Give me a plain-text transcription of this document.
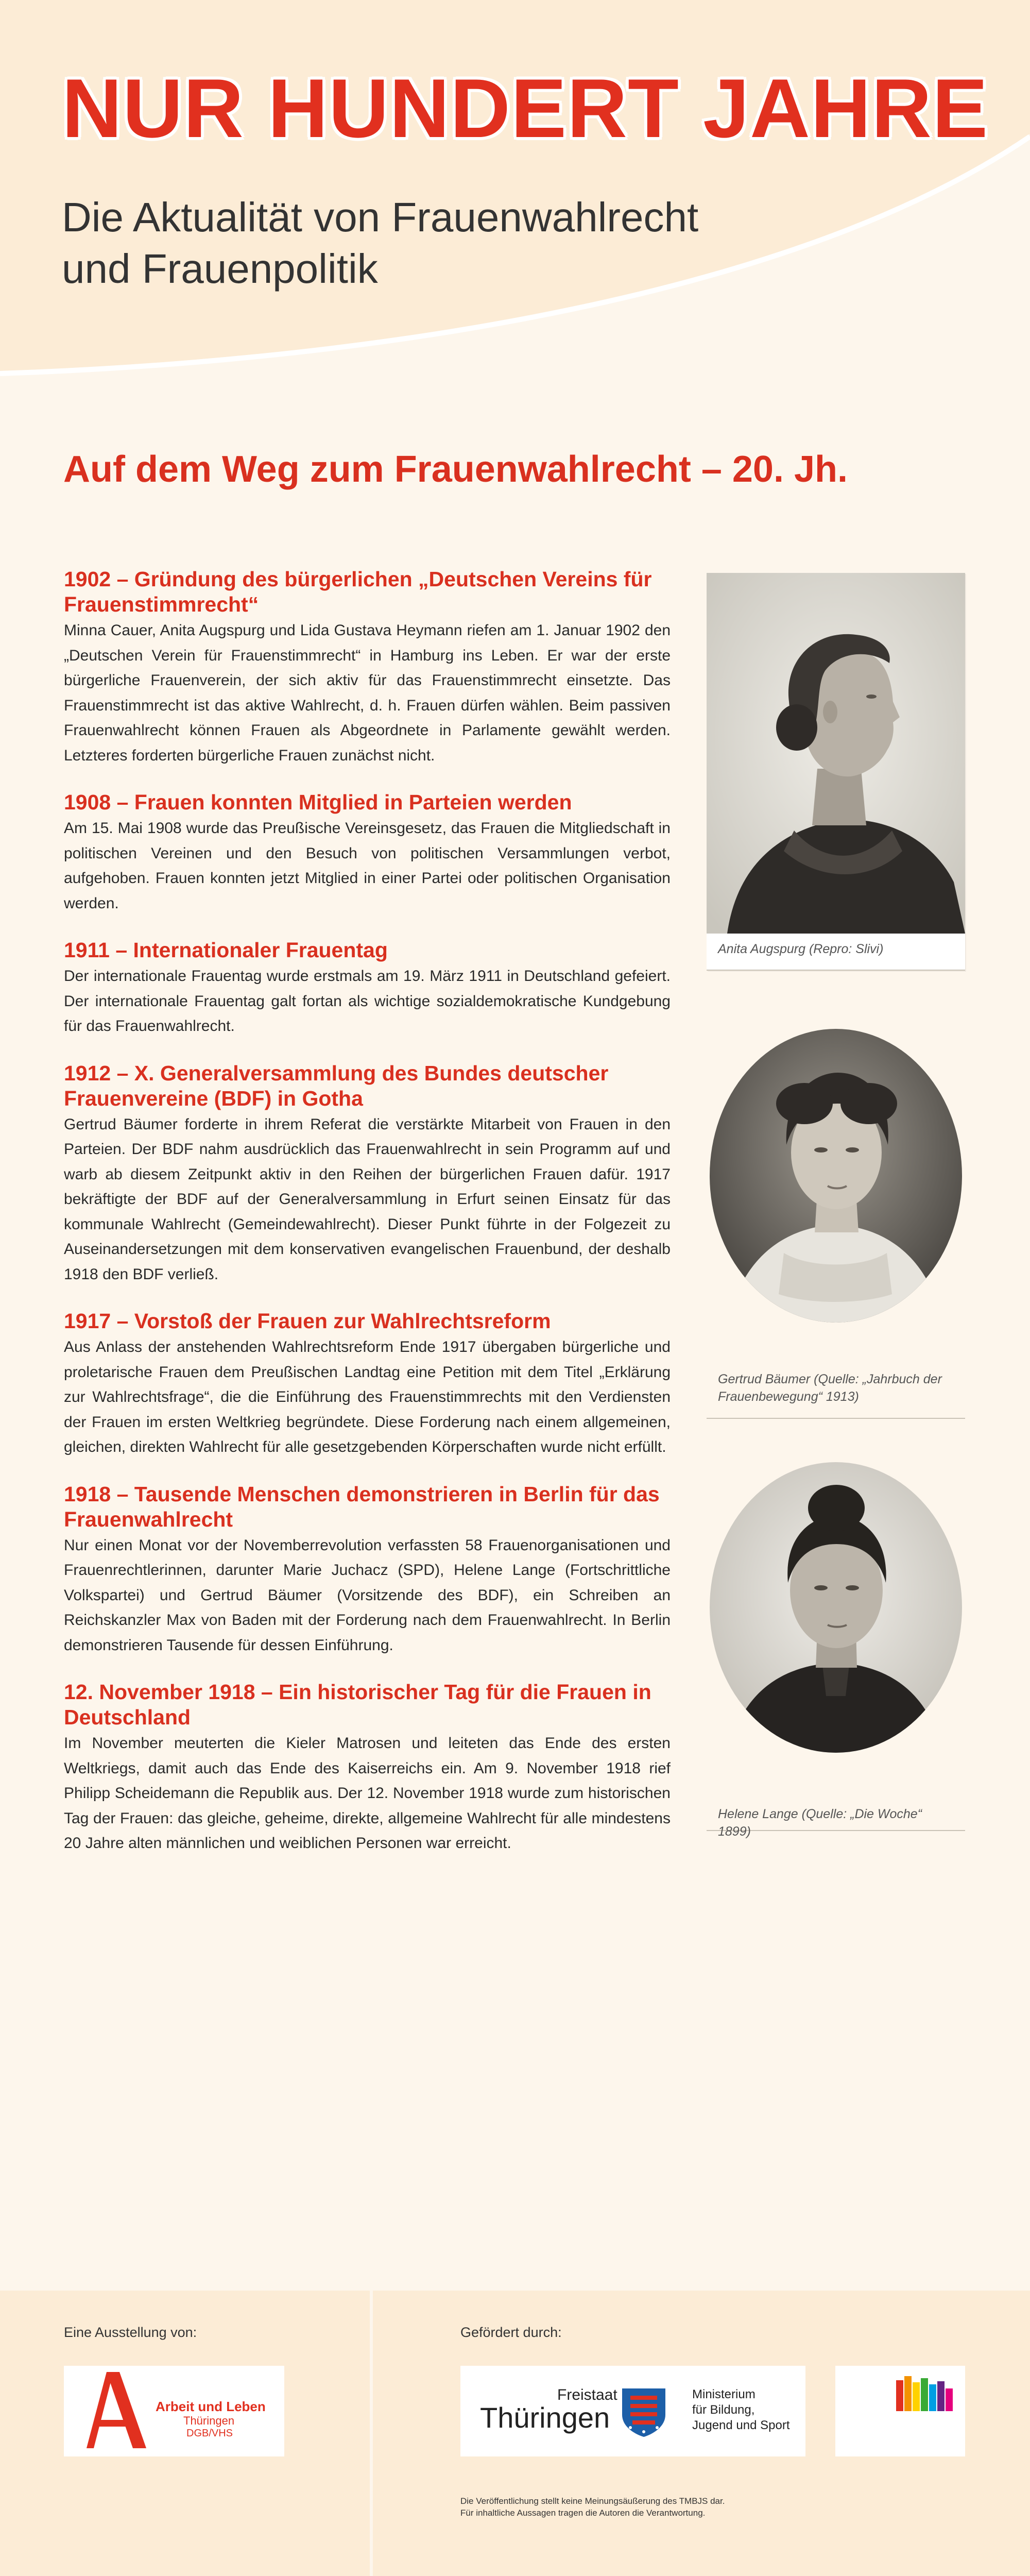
NUR HUNDERT JAHRE
Die Aktualität von Frauenwahlrecht
und Frauenpolitik
Auf dem Weg zum Frauenwahlrecht – 20. Jh.
1902 – Gründung des bürgerlichen „Deutschen Vereins für Frauenstimmrecht“

Minna Cauer, Anita Augspurg und Lida Gustava Heymann riefen am 1. Januar 1902 den „Deutschen Verein für Frauenstimmrecht“ in Hamburg ins Leben. Er war der erste bürgerliche Frauenverein, der sich aktiv für das Frauenstimmrecht einsetzte. Das Frauenstimmrecht ist das aktive Wahlrecht, d. h. Frauen dürfen wählen. Beim passiven Frauenwahlrecht können Frauen als Abgeordnete in Parlamente gewählt werden. Letzteres forderten bürgerliche Frauen zunächst nicht.

1908 – Frauen konnten Mitglied in Parteien werden

Am 15. Mai 1908 wurde das Preußische Vereinsgesetz, das Frauen die Mitgliedschaft in politischen Vereinen und den Besuch von politischen Versammlungen verbot, aufgehoben. Frauen konnten jetzt Mitglied in einer Partei oder politischen Organisation werden.

1911 – Internationaler Frauentag

Der internationale Frauentag wurde erstmals am 19. März 1911 in Deutschland gefeiert. Der internationale Frauentag galt fortan als wichtige sozialdemokratische Kundgebung für das Frauenwahlrecht.

1912 – X. Generalversammlung des Bundes deutscher Frauenvereine (BDF) in Gotha

Gertrud Bäumer forderte in ihrem Referat die verstärkte Mitarbeit von Frauen in den Parteien. Der BDF nahm ausdrücklich das Frauenwahlrecht in sein Programm auf und warb ab diesem Zeitpunkt aktiv in den Reihen der bürgerlichen Frauen dafür. 1917 bekräftigte der BDF auf der Generalversammlung in Erfurt seinen Einsatz für das kommunale Wahlrecht (Gemeindewahlrecht). Dieser Punkt führte in der Folgezeit zu Auseinandersetzungen mit dem konservativen evangelischen Frauenbund, der deshalb 1918 den BDF verließ.

1917 – Vorstoß der Frauen zur Wahlrechtsreform

Aus Anlass der anstehenden Wahlrechtsreform Ende 1917 übergaben bürgerliche und proletarische Frauen dem Preußischen Landtag eine Petition mit dem Titel „Erklärung zur Wahlrechtsfrage“, die die Einführung des Frauenstimmrechts mit den Verdiensten der Frauen im ersten Weltkrieg begründete. Diese Forderung nach einem allgemeinen, gleichen, direkten Wahlrecht für alle gesetzgebenden Körperschaften wurde nicht erfüllt.

1918 – Tausende Menschen demonstrieren in Berlin für das Frauenwahlrecht

Nur einen Monat vor der Novemberrevolution verfassten 58 Frauenorganisationen und Frauenrechtlerinnen, darunter Marie Juchacz (SPD), Helene Lange (Fortschrittliche Volkspartei) und Gertrud Bäumer (Vorsitzende des BDF), ein Schreiben an Reichskanzler Max von Baden mit der Forderung nach dem Frauenwahlrecht. In Berlin demonstrieren Tausende für dessen Einführung.

12. November 1918 – Ein historischer Tag für die Frauen in Deutschland

Im November meuterten die Kieler Matrosen und leiteten das Ende des ersten Weltkriegs, damit auch das Ende des Kaiserreichs ein. Am 9. November 1918 rief Philipp Scheidemann die Republik aus. Der 12. November 1918 wurde zum historischen Tag der Frauen: das gleiche, geheime, direkte, allgemeine Wahlrecht für alle mindestens 20 Jahre alten männlichen und weiblichen Personen war erreicht.

Anita Augspurg (Repro: Slivi)
Gertrud Bäumer (Quelle: „Jahrbuch der Frauenbewegung“ 1913)
Helene Lange (Quelle: „Die Woche“ 1899)
Eine Ausstellung von:	Gefördert durch:
Arbeit und Leben
Thüringen
DGB/VHS
Freistaat
Thüringen
Ministerium
für Bildung,
Jugend und Sport
Die Veröffentlichung stellt keine Meinungsäußerung des TMBJS dar.
Für inhaltliche Aussagen tragen die Autoren die Verantwortung.
